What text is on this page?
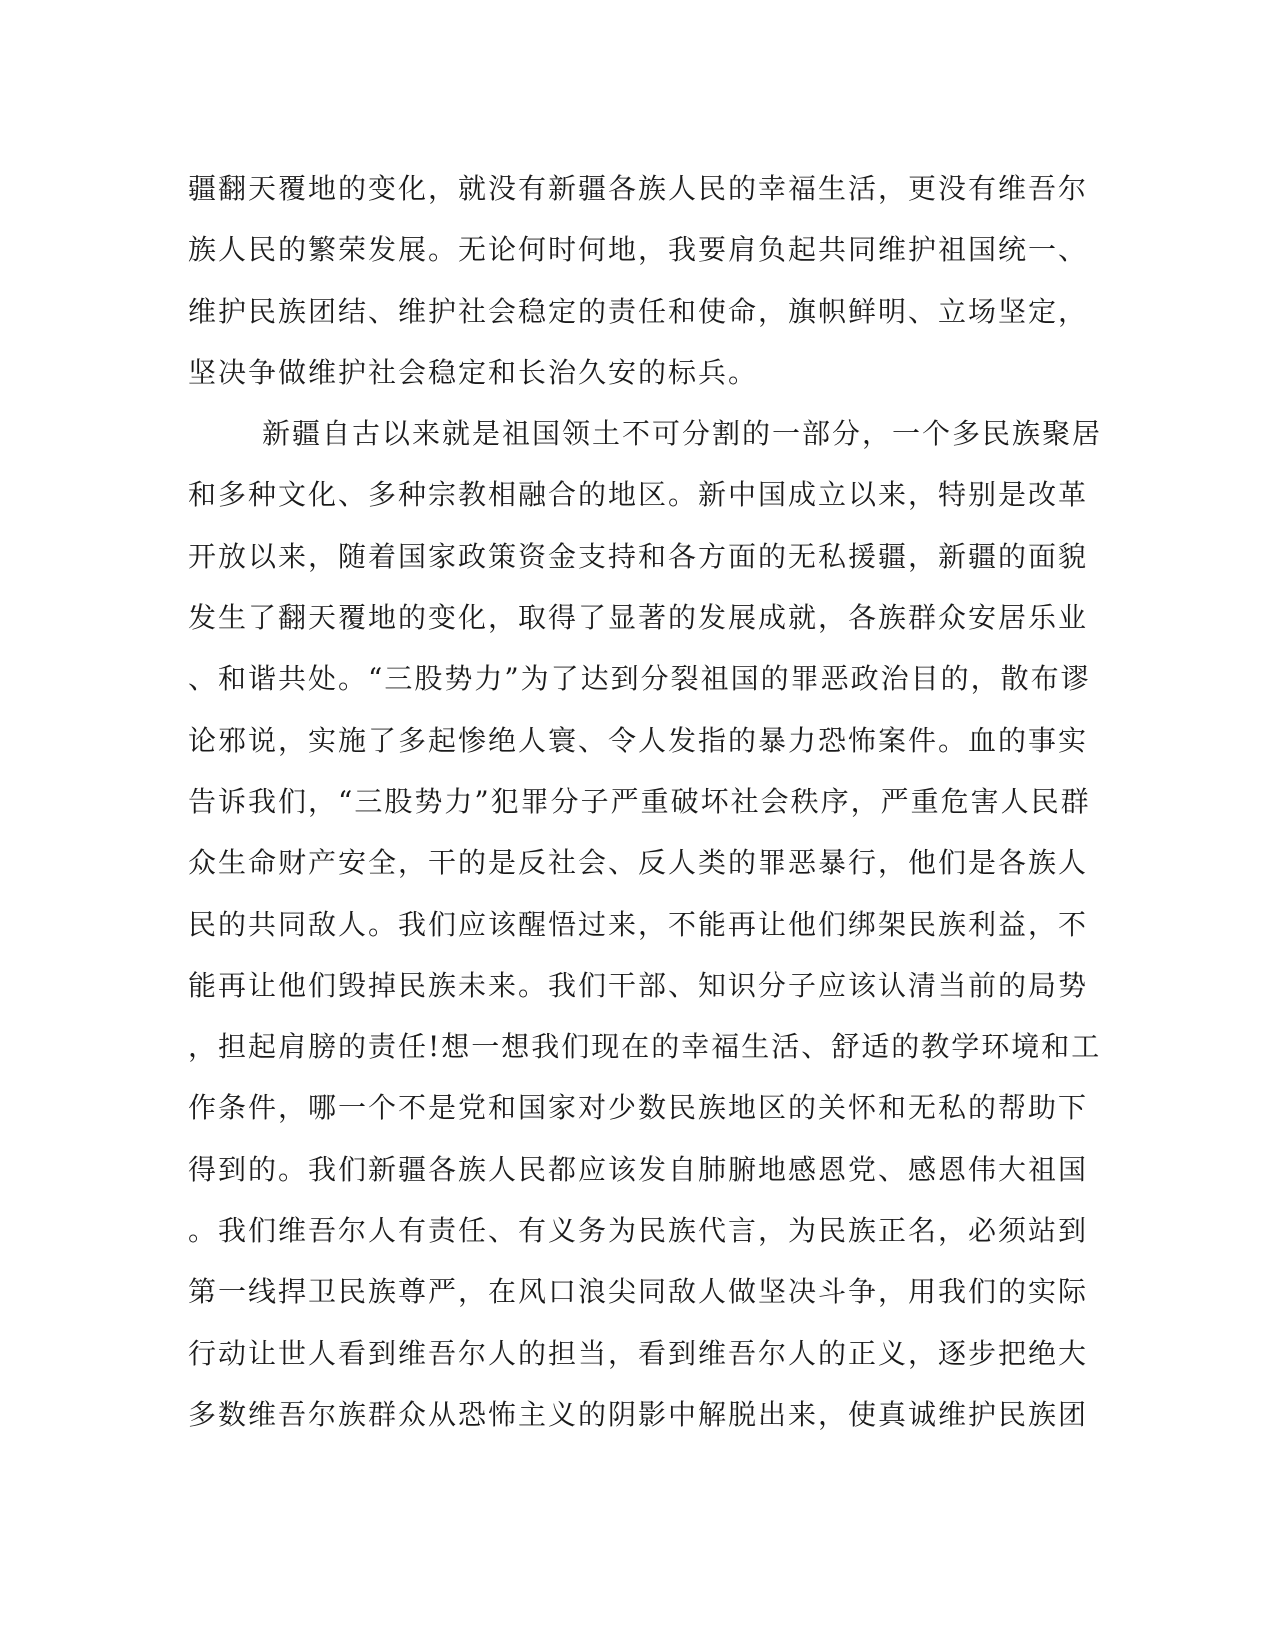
疆翻天覆地的变化，就没有新疆各族人民的幸福生活，更没有维吾尔
族人民的繁荣发展。无论何时何地，我要肩负起共同维护祖国统一、
维护民族团结、维护社会稳定的责任和使命，旗帜鲜明、立场坚定，
坚决争做维护社会稳定和长治久安的标兵。
新疆自古以来就是祖国领土不可分割的一部分，一个多民族聚居
和多种文化、多种宗教相融合的地区。新中国成立以来，特别是改革
开放以来，随着国家政策资金支持和各方面的无私援疆，新疆的面貌
发生了翻天覆地的变化，取得了显著的发展成就，各族群众安居乐业
、和谐共处。“三股势力”为了达到分裂祖国的罪恶政治目的，散布谬
论邪说，实施了多起惨绝人寰、令人发指的暴力恐怖案件。血的事实
告诉我们，“三股势力”犯罪分子严重破坏社会秩序，严重危害人民群
众生命财产安全，干的是反社会、反人类的罪恶暴行，他们是各族人
民的共同敌人。我们应该醒悟过来，不能再让他们绑架民族利益，不
能再让他们毁掉民族未来。我们干部、知识分子应该认清当前的局势
，担起肩膀的责任!想一想我们现在的幸福生活、舒适的教学环境和工
作条件，哪一个不是党和国家对少数民族地区的关怀和无私的帮助下
得到的。我们新疆各族人民都应该发自肺腑地感恩党、感恩伟大祖国
。我们维吾尔人有责任、有义务为民族代言，为民族正名，必须站到
第一线捍卫民族尊严，在风口浪尖同敌人做坚决斗争，用我们的实际
行动让世人看到维吾尔人的担当，看到维吾尔人的正义，逐步把绝大
多数维吾尔族群众从恐怖主义的阴影中解脱出来，使真诚维护民族团
